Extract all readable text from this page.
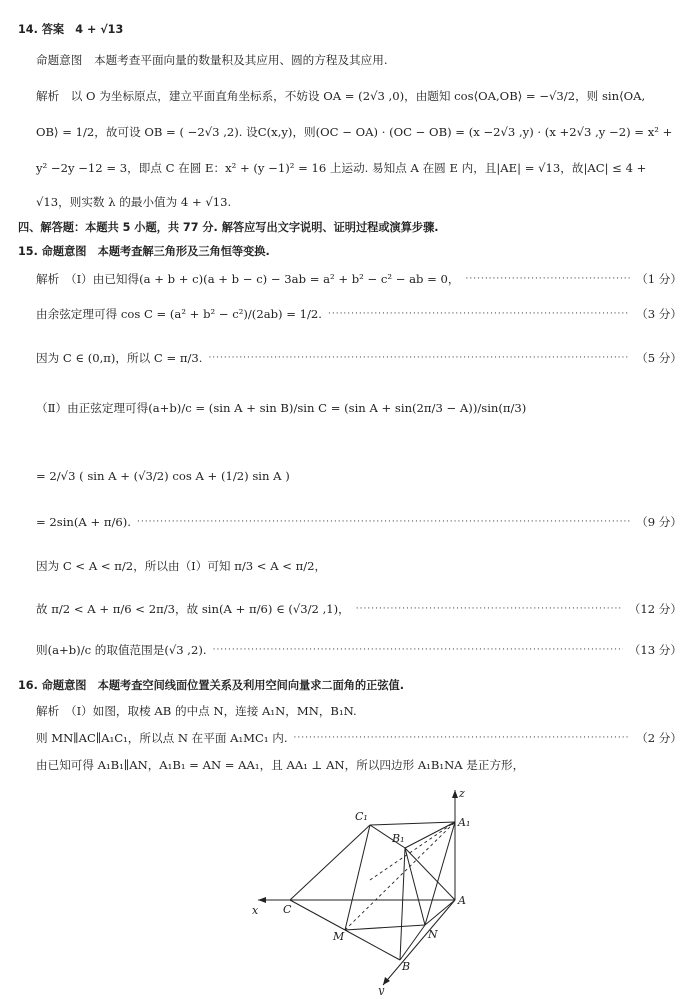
14. 答案　4 + √13
命题意图　本题考查平面向量的数量积及其应用、圆的方程及其应用.
解析　以 O 为坐标原点，建立平面直角坐标系，不妨设 OA = (2√3 ,0)，由题知 cos⟨OA,OB⟩ = −√3/2，则 sin⟨OA,
OB⟩ = 1/2，故可设 OB = ( −2√3 ,2). 设C(x,y)，则(OC − OA) · (OC − OB) = (x −2√3 ,y) · (x +2√3 ,y −2) = x² +
y² −2y −12 = 3，即点 C 在圆 E：x² + (y −1)² = 16 上运动. 易知点 A 在圆 E 内，且|AE| = √13，故|AC| ≤ 4 +
√13，则实数 λ 的最小值为 4 + √13.
四、解答题：本题共 5 小题，共 77 分. 解答应写出文字说明、证明过程或演算步骤.
15. 命题意图　本题考查解三角形及三角恒等变换.
解析　（Ⅰ）由已知得(a + b + c)(a + b − c) − 3ab = a² + b² − c² − ab = 0， ·····	（1 分）
由余弦定理可得 cos C = (a² + b² − c²)/(2ab) = 1/2. ·····	（3 分）
因为 C ∈ (0,π)，所以 C = π/3. ·····	（5 分）
（Ⅱ）由正弦定理可得(a+b)/c = (sin A + sin B)/sin C = (sin A + sin(2π/3 − A))/sin(π/3)
= 2/√3 ( sin A + (√3/2) cos A + (1/2) sin A )
= 2sin(A + π/6). ·····	（9 分）
因为 C < A < π/2，所以由（Ⅰ）可知 π/3 < A < π/2，
故 π/2 < A + π/6 < 2π/3，故 sin(A + π/6) ∈ (√3/2 ,1)， ·····	（12 分）
则(a+b)/c 的取值范围是(√3 ,2). ·····	（13 分）
16. 命题意图　本题考查空间线面位置关系及利用空间向量求二面角的正弦值.
解析　（Ⅰ）如图，取棱 AB 的中点 N，连接 A₁N，MN，B₁N.
则 MN∥AC∥A₁C₁，所以点 N 在平面 A₁MC₁ 内. ·····	（2 分）
由已知可得 A₁B₁∥AN，A₁B₁ = AN = AA₁，且 AA₁ ⊥ AN，所以四边形 A₁B₁NA 是正方形，
C₁	A₁
B₁
z
A
C
x
M	N
B
y
